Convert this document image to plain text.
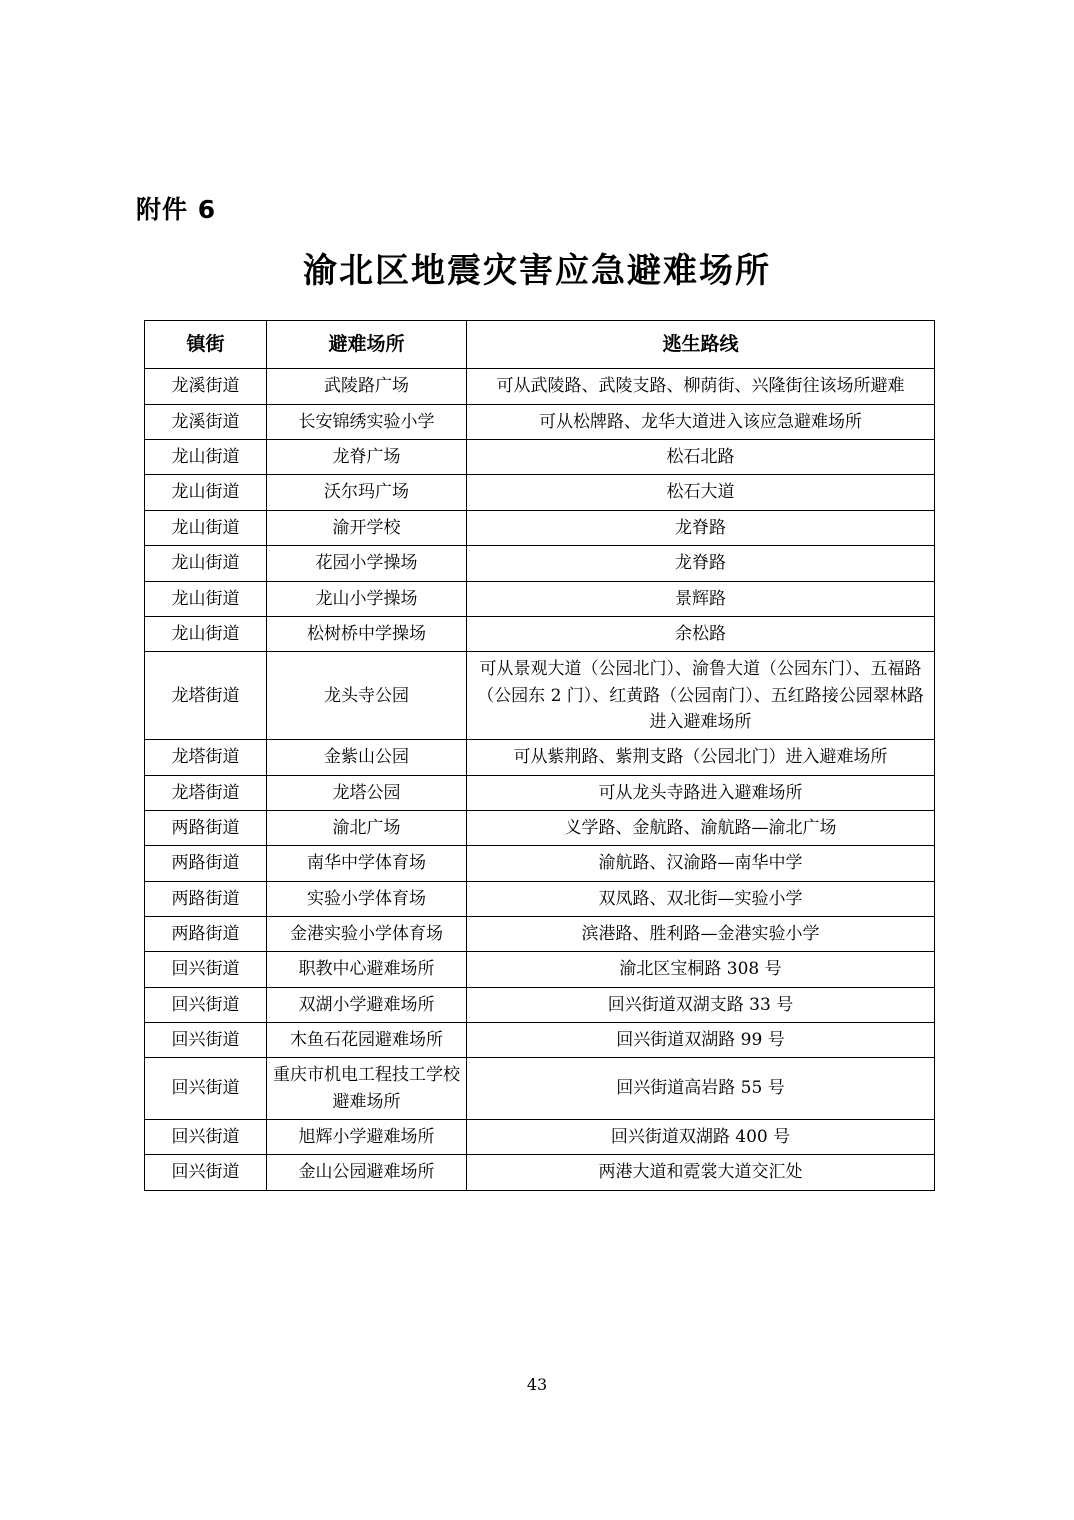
附件 6
渝北区地震灾害应急避难场所
镇街	避难场所	逃生路线
龙溪街道	武陵路广场	可从武陵路、武陵支路、柳荫街、兴隆街往该场所避难
龙溪街道	长安锦绣实验小学	可从松牌路、龙华大道进入该应急避难场所
龙山街道	龙脊广场	松石北路
龙山街道	沃尔玛广场	松石大道
龙山街道	渝开学校	龙脊路
龙山街道	花园小学操场	龙脊路
龙山街道	龙山小学操场	景辉路
龙山街道	松树桥中学操场	余松路
龙塔街道	龙头寺公园	可从景观大道（公园北门）、渝鲁大道（公园东门）、五福路（公园东 2 门）、红黄路（公园南门）、五红路接公园翠林路进入避难场所
龙塔街道	金紫山公园	可从紫荆路、紫荆支路（公园北门）进入避难场所
龙塔街道	龙塔公园	可从龙头寺路进入避难场所
两路街道	渝北广场	义学路、金航路、渝航路—渝北广场
两路街道	南华中学体育场	渝航路、汉渝路—南华中学
两路街道	实验小学体育场	双凤路、双北街—实验小学
两路街道	金港实验小学体育场	滨港路、胜利路—金港实验小学
回兴街道	职教中心避难场所	渝北区宝桐路 308 号
回兴街道	双湖小学避难场所	回兴街道双湖支路 33 号
回兴街道	木鱼石花园避难场所	回兴街道双湖路 99 号
回兴街道	重庆市机电工程技工学校避难场所	回兴街道高岩路 55 号
回兴街道	旭辉小学避难场所	回兴街道双湖路 400 号
回兴街道	金山公园避难场所	两港大道和霓裳大道交汇处
43
